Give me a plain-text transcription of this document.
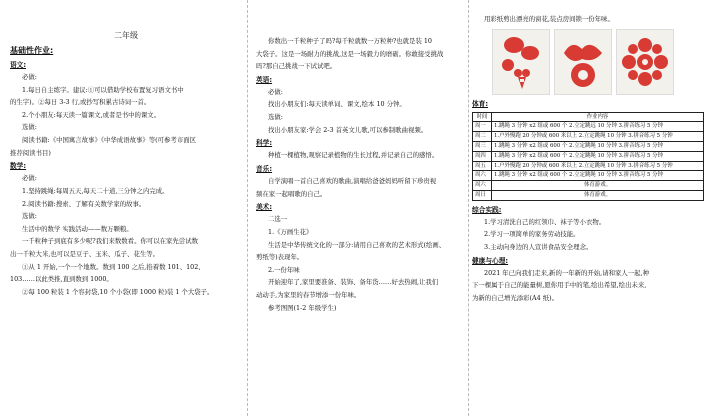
二年级
基础性作业:
语文:
必做:
1.每日自主练字。建议:①可以借助学校布置复习语文书中
的生字)。②每日 3-3 行,或抄写积累古诗词一首。
2.个小朋友:每天读一篇课文,或者是书中的课文。
选做:
阅读书籍:《中国寓言故事》《中华成语故事》等(可参考市面区
推荐阅读书目)
数学:
必做:
1.坚持跳绳:每周五天,每天二十道,三分钟之内完成。
2.阅读书籍:搜索、了解有关数学家的故事。
选做:
生活中的数学 实践活动——数万颗粮。
一千粒种子到底有多少呢?我们来数数看。你可以在家先尝试数
出一千粒大米,也可以是豆子、玉米、瓜子、花生等。
①从 1 开始,一个一个地数。数到 100 之后,掐着数 101、102、
103……以此类推,直到数到 1000。
②每 100 粒装 1 个容封袋,10 个小袋(即 1000 粒)装 1 个大袋子。
你数出一千粒种子了吗?每千粒就数一万粒种?也就是装 10
大袋子。这是一场耐力的挑战,这是一场毅力的磨砺。你敢接受挑战
吗?那自己挑战一下试试吧。
英语:
必做:
找出小朋友们:每天读单词、课文,绘本 10 分钟。
选做:
找出小朋友家:学会 2-3 首英文儿歌,可以参制歌曲视频。
科学:
种植一棵植物,观察记录植物的生长过程,并记录自己的感悟。
音乐:
自学演唱一首自己喜欢的歌曲,演唱给爸爸妈妈听留下珍贵视
频在家一起唱歌的自己。
美术:
二选一
1.《万画生花》
生活是中华传统文化的一部分:请用自己喜欢的艺术形式(绘画、
剪纸等)表现年。
2.一份年味
开始迎年了,家里要准备、装饰、备年货……好去热闹,让我们
动动手,为家里的春节增添一份年味。
参考图图(1-2 年级学生)
用彩纸剪出漂亮的窗花,装点房间锁一份年味。
体育:
时间	作业内容
周一	1.跳绳 3 分钟 x2 组或 600 个 2.立定跳远 10 分钟 3.拼音练习 5 分钟
周二	1.户外慢跑 20 分钟或 600 米以上 2.立定跳绳 10 分钟 3.拼音练习 5 分钟
周三	1.跳绳 3 分钟 x2 组或 600 个 2.立定跳绳 10 分钟 3.拼音练习 5 分钟
周四	1.跳绳 3 分钟 x2 组或 600 个 2.立定跳绳 10 分钟 3.拼音练习 5 分钟
周五	1.户外慢跑 20 分钟或 600 米以上 2.立定跳绳 10 分钟 3.拼音练习 5 分钟
周六	1.跳绳 3 分钟 x2 组或 600 个 2.立定跳绳 10 分钟 3.拼音练习 5 分钟
周六	体育游戏。
周日	体育游戏。
综合实践:
1.学习清洗自己的红领巾、袜子等小衣物。
2.学习一项简单的家务劳动技能。
3.主动向身边的人宣讲食品安全理念。
健康与心理:
2021 年已向我们走来,新的一年新的开始,请和家人一起,种
下一棵属于自己的能量树,愿你用手中的笔,绘出希望,绘出未来,
为新的自己增光添彩(A4 纸)。
